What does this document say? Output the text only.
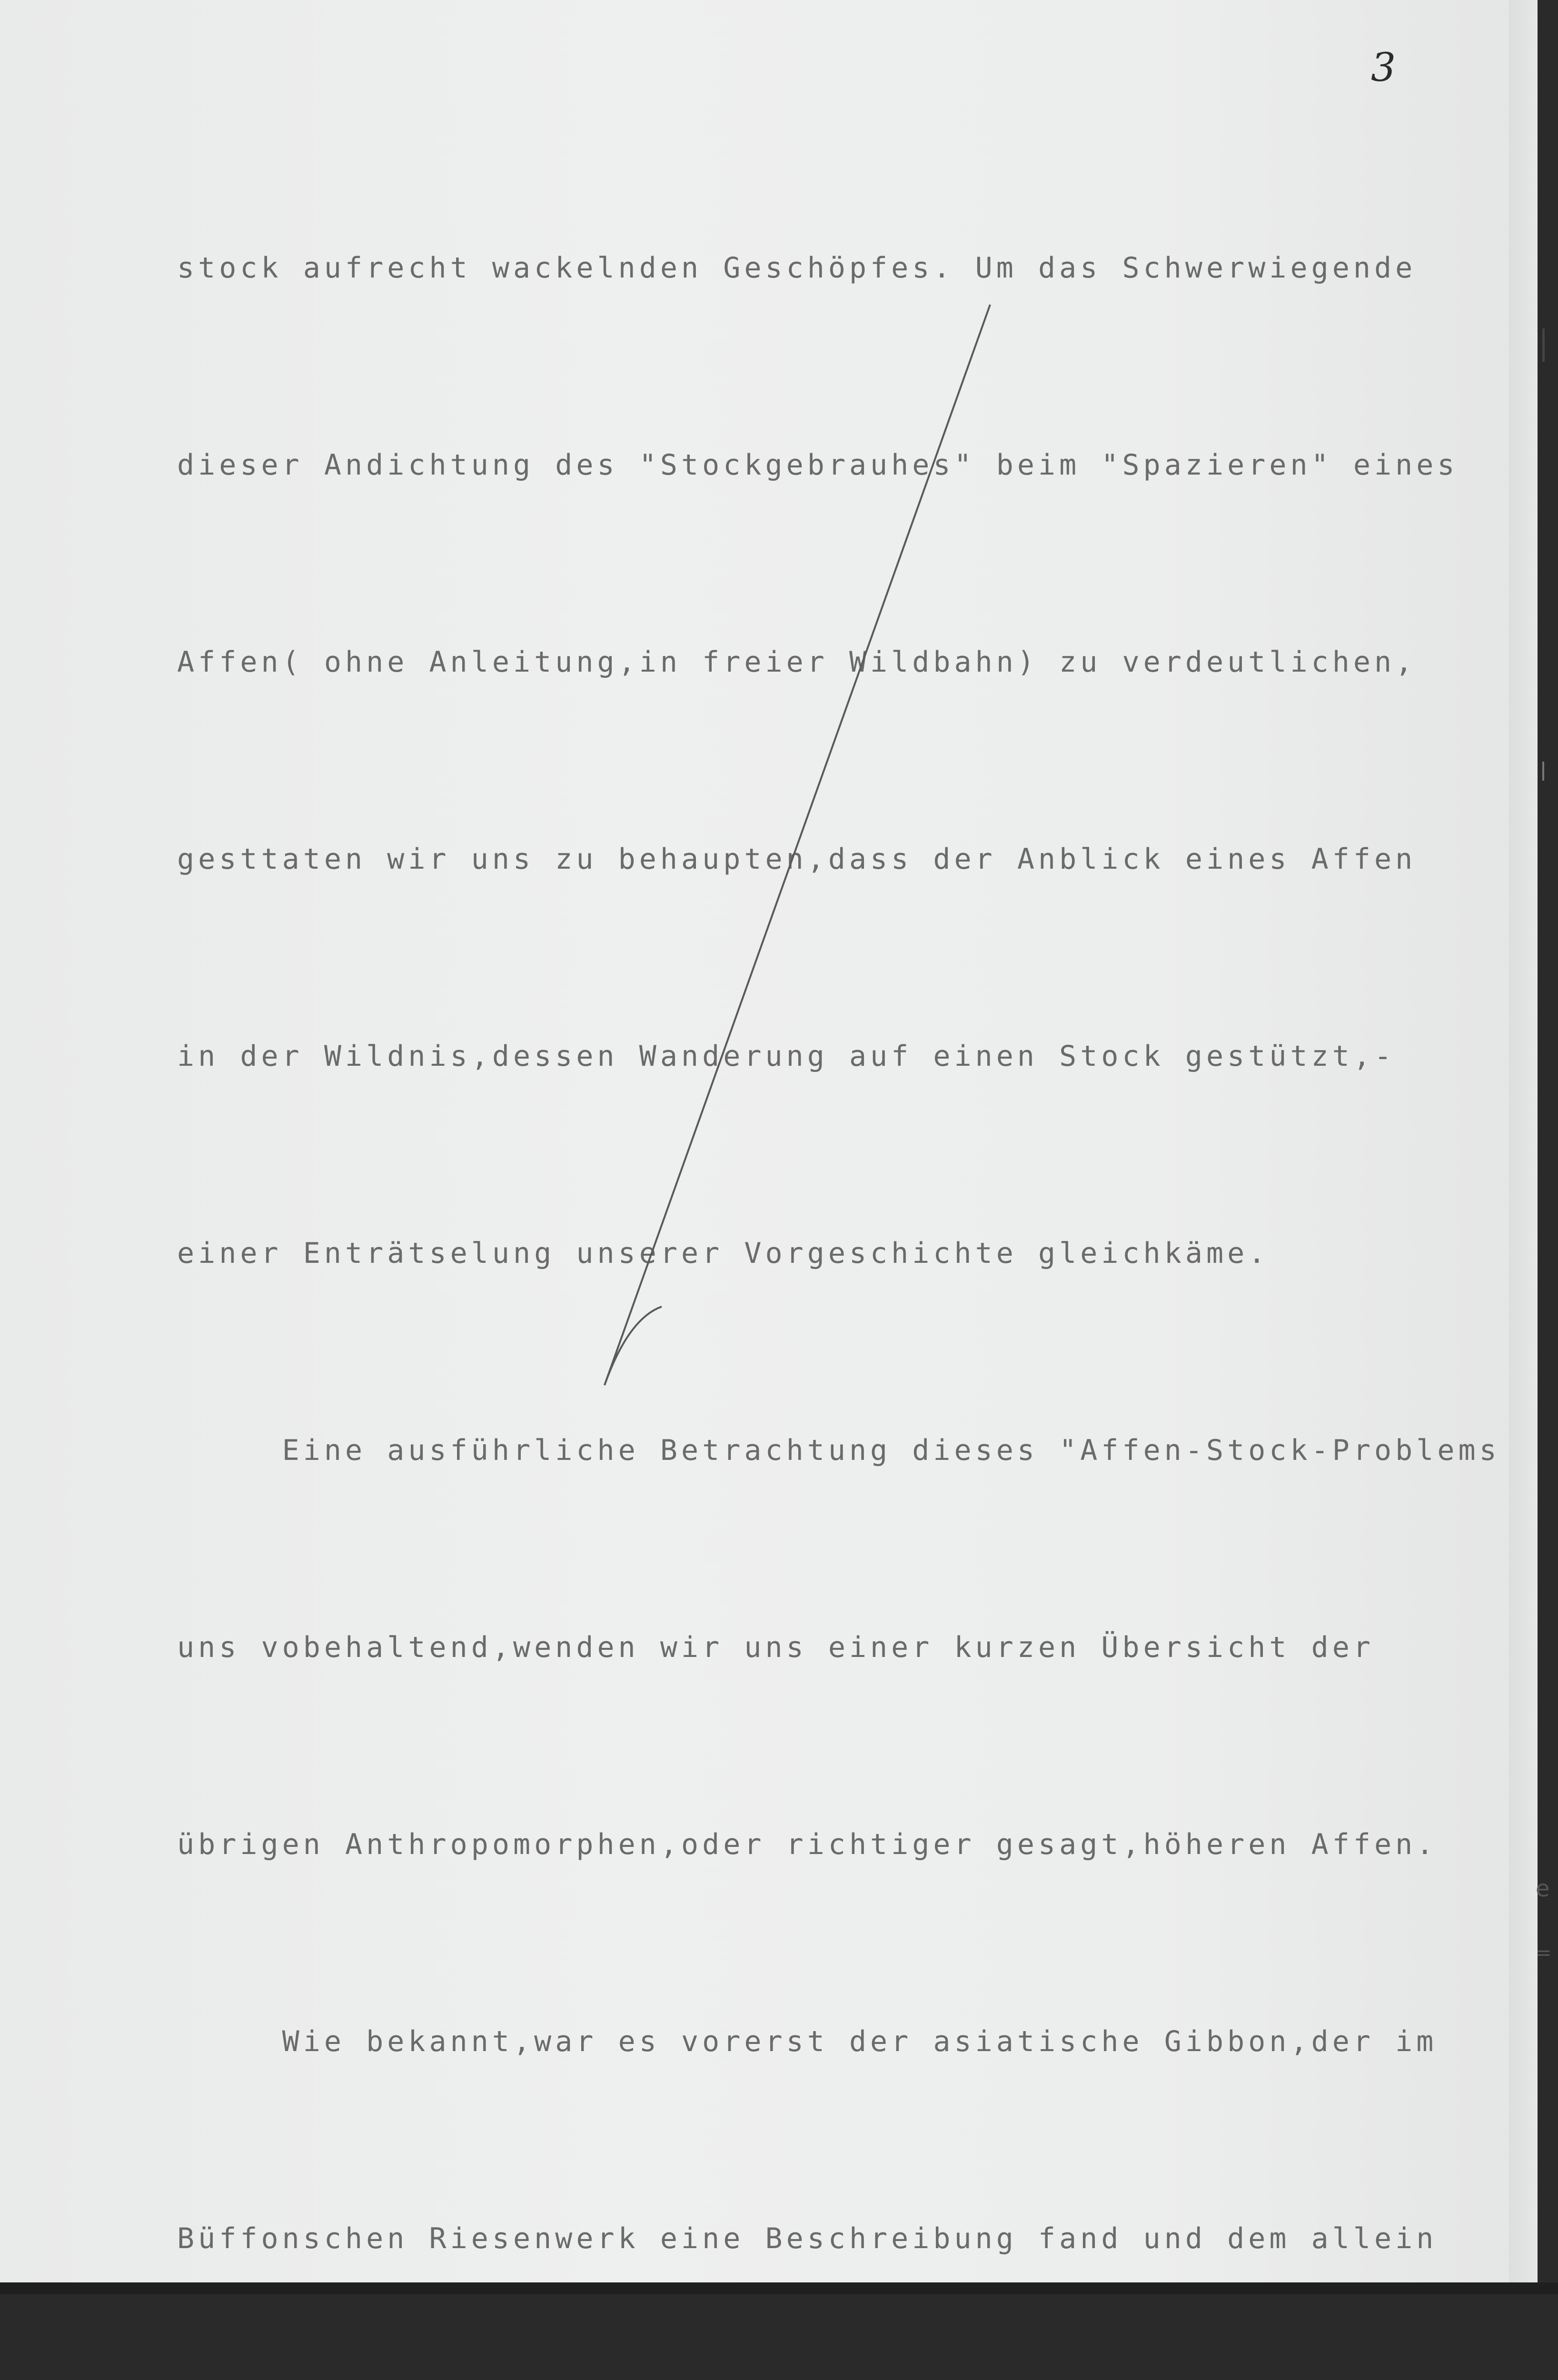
3

stock aufrecht wackelnden Geschöpfes. Um das Schwerwiegende

dieser Andichtung des "Stockgebrauhes" beim "Spazieren" eines

Affen( ohne Anleitung,in freier Wildbahn) zu verdeutlichen,

gesttaten wir uns zu behaupten,dass der Anblick eines Affen

in der Wildnis,dessen Wanderung auf einen Stock gestützt,-

einer Enträtselung unserer Vorgeschichte gleichkäme.

Eine ausführliche Betrachtung dieses "Affen-Stock-Problems

uns vobehaltend,wenden wir uns einer kurzen Übersicht der

übrigen Anthropomorphen,oder richtiger gesagt,höheren Affen.

Wie bekannt,war es vorerst der asiatische Gibbon,der im

Büffonschen Riesenwerk eine Beschreibung fand und dem allein

e
=
